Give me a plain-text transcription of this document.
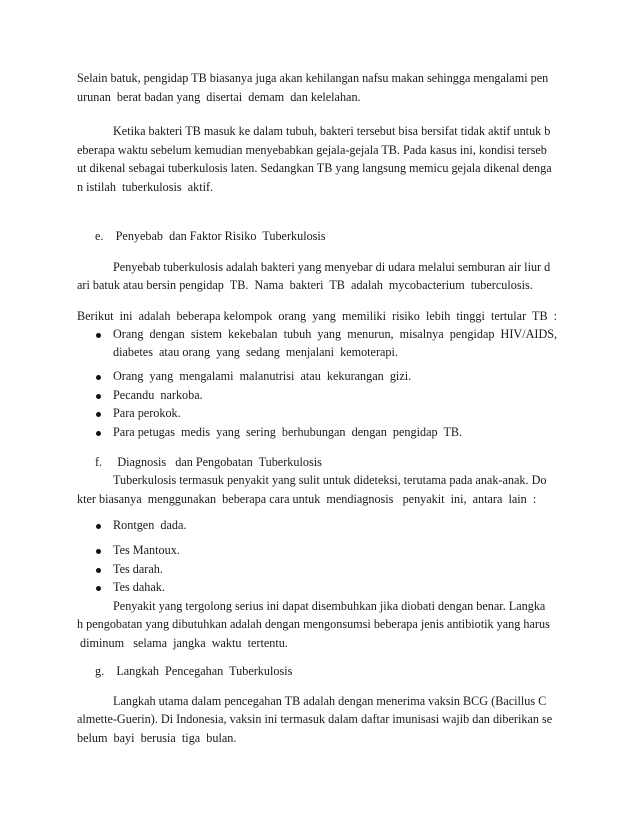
Selain batuk, pengidap TB biasanya juga akan kehilangan nafsu makan sehingga mengalami pen
urunan  berat badan yang  disertai  demam  dan kelelahan.
Ketika bakteri TB masuk ke dalam tubuh, bakteri tersebut bisa bersifat tidak aktif untuk b
eberapa waktu sebelum kemudian menyebabkan gejala-gejala TB. Pada kasus ini, kondisi terseb
ut dikenal sebagai tuberkulosis laten. Sedangkan TB yang langsung memicu gejala dikenal denga
n istilah  tuberkulosis  aktif.
e.    Penyebab  dan Faktor Risiko  Tuberkulosis
Penyebab tuberkulosis adalah bakteri yang menyebar di udara melalui semburan air liur d
ari batuk atau bersin pengidap  TB.  Nama  bakteri  TB  adalah  mycobacterium  tuberculosis.
Berikut  ini  adalah  beberapa kelompok  orang  yang  memiliki  risiko  lebih  tinggi  tertular  TB  :
Orang  dengan  sistem  kekebalan  tubuh  yang  menurun,  misalnya  pengidap  HIV/AIDS,
diabetes  atau orang  yang  sedang  menjalani  kemoterapi.
Orang  yang  mengalami  malanutrisi  atau  kekurangan  gizi.
Pecandu  narkoba.
Para perokok.
Para petugas  medis  yang  sering  berhubungan  dengan  pengidap  TB.
f.     Diagnosis   dan Pengobatan  Tuberkulosis
Tuberkulosis termasuk penyakit yang sulit untuk dideteksi, terutama pada anak-anak. Do
kter biasanya  menggunakan  beberapa cara untuk  mendiagnosis   penyakit  ini,  antara  lain  :
Rontgen  dada.
Tes Mantoux.
Tes darah.
Tes dahak.
Penyakit yang tergolong serius ini dapat disembuhkan jika diobati dengan benar. Langka
h pengobatan yang dibutuhkan adalah dengan mengonsumsi beberapa jenis antibiotik yang harus
diminum   selama  jangka  waktu  tertentu.
g.    Langkah  Pencegahan  Tuberkulosis
Langkah utama dalam pencegahan TB adalah dengan menerima vaksin BCG (Bacillus C
almette-Guerin). Di Indonesia, vaksin ini termasuk dalam daftar imunisasi wajib dan diberikan se
belum  bayi  berusia  tiga  bulan.
